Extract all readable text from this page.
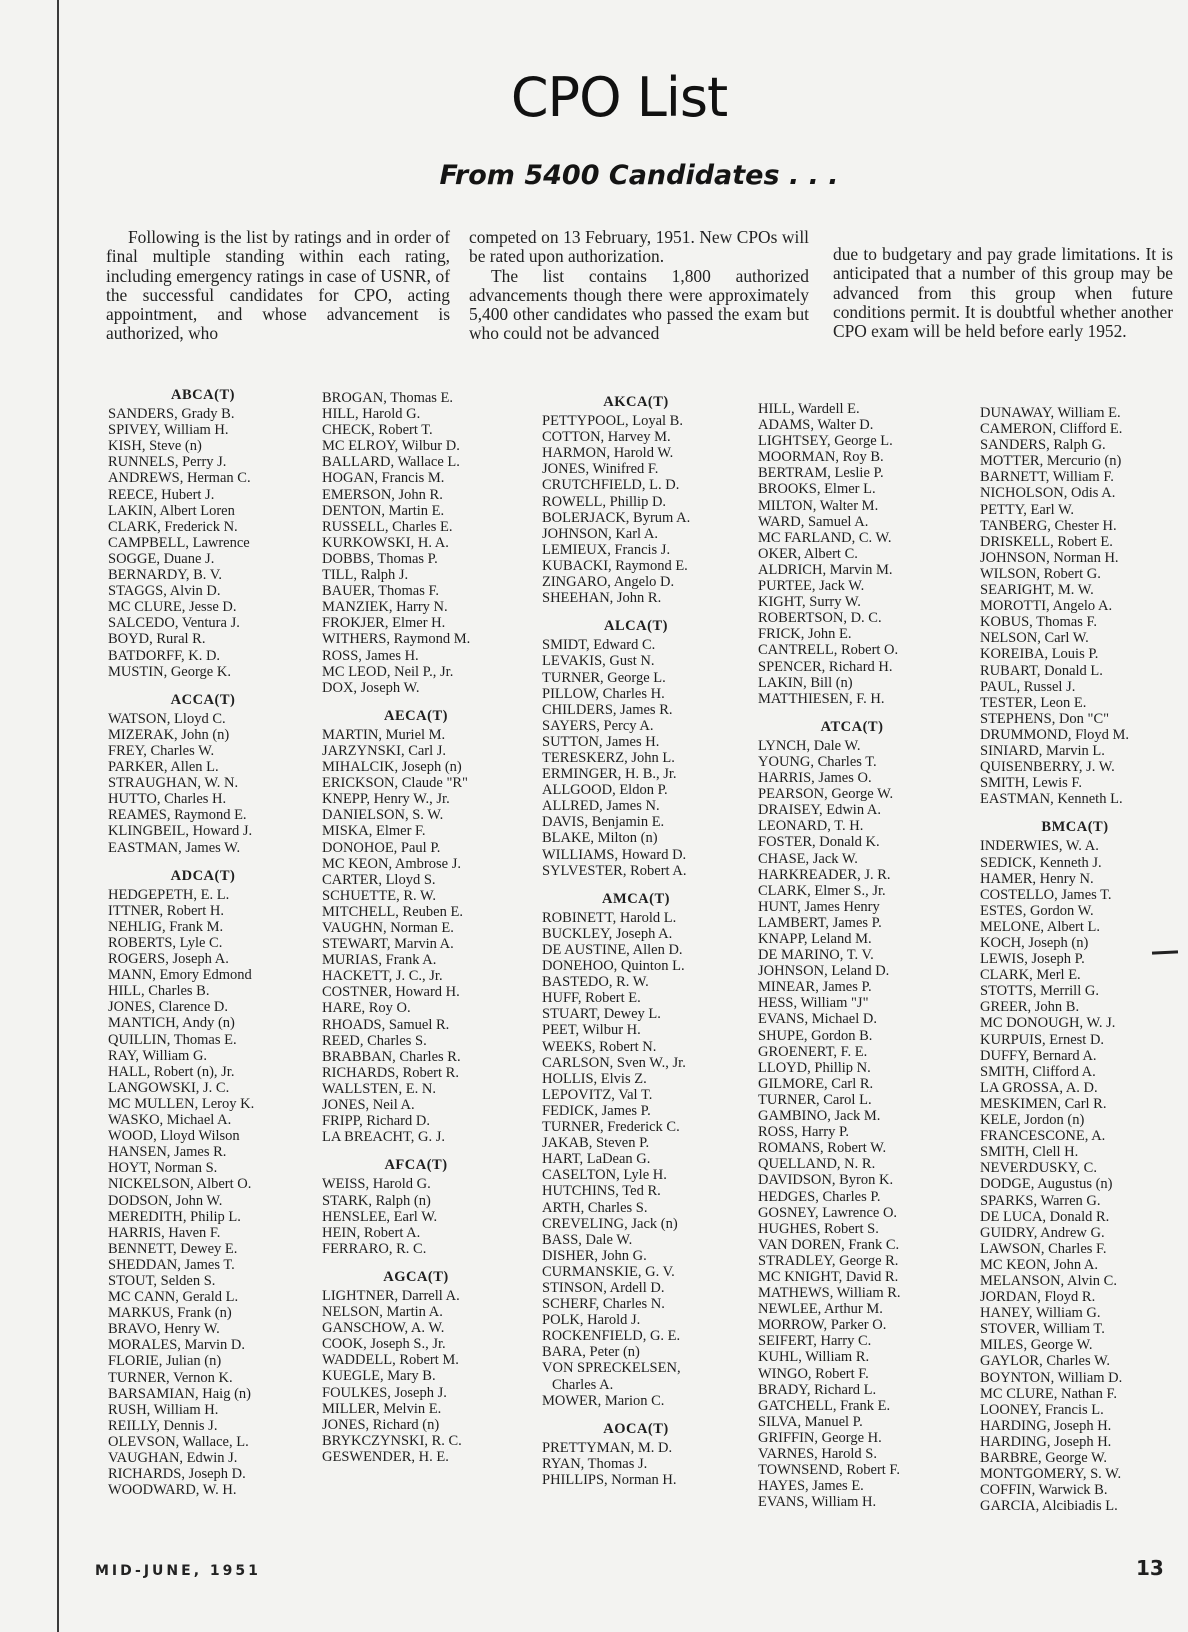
CPO List
From 5400 Candidates . . .

Following is the list by ratings and in order of final multiple standing within each rating, including emergency ratings in case of USNR, of the successful candidates for CPO, acting appointment, and whose advancement is authorized, who

competed on 13 February, 1951. New CPOs will be rated upon authorization.

The list contains 1,800 authorized advancements though there were approximately 5,400 other candidates who passed the exam but who could not be advanced

due to budgetary and pay grade limitations. It is anticipated that a number of this group may be advanced from this group when future conditions permit. It is doubtful whether another CPO exam will be held before early 1952.

ABCA(T)
SANDERS, Grady B.
SPIVEY, William H.
KISH, Steve (n)
RUNNELS, Perry J.
ANDREWS, Herman C.
REECE, Hubert J.
LAKIN, Albert Loren
CLARK, Frederick N.
CAMPBELL, Lawrence
SOGGE, Duane J.
BERNARDY, B. V.
STAGGS, Alvin D.
MC CLURE, Jesse D.
SALCEDO, Ventura J.
BOYD, Rural R.
BATDORFF, K. D.
MUSTIN, George K.
ACCA(T)
WATSON, Lloyd C.
MIZERAK, John (n)
FREY, Charles W.
PARKER, Allen L.
STRAUGHAN, W. N.
HUTTO, Charles H.
REAMES, Raymond E.
KLINGBEIL, Howard J.
EASTMAN, James W.
ADCA(T)
HEDGEPETH, E. L.
ITTNER, Robert H.
NEHLIG, Frank M.
ROBERTS, Lyle C.
ROGERS, Joseph A.
MANN, Emory Edmond
HILL, Charles B.
JONES, Clarence D.
MANTICH, Andy (n)
QUILLIN, Thomas E.
RAY, William G.
HALL, Robert (n), Jr.
LANGOWSKI, J. C.
MC MULLEN, Leroy K.
WASKO, Michael A.
WOOD, Lloyd Wilson
HANSEN, James R.
HOYT, Norman S.
NICKELSON, Albert O.
DODSON, John W.
MEREDITH, Philip L.
HARRIS, Haven F.
BENNETT, Dewey E.
SHEDDAN, James T.
STOUT, Selden S.
MC CANN, Gerald L.
MARKUS, Frank (n)
BRAVO, Henry W.
MORALES, Marvin D.
FLORIE, Julian (n)
TURNER, Vernon K.
BARSAMIAN, Haig (n)
RUSH, William H.
REILLY, Dennis J.
OLEVSON, Wallace, L.
VAUGHAN, Edwin J.
RICHARDS, Joseph D.
WOODWARD, W. H.
BROGAN, Thomas E.
HILL, Harold G.
CHECK, Robert T.
MC ELROY, Wilbur D.
BALLARD, Wallace L.
HOGAN, Francis M.
EMERSON, John R.
DENTON, Martin E.
RUSSELL, Charles E.
KURKOWSKI, H. A.
DOBBS, Thomas P.
TILL, Ralph J.
BAUER, Thomas F.
MANZIEK, Harry N.
FROKJER, Elmer H.
WITHERS, Raymond M.
ROSS, James H.
MC LEOD, Neil P., Jr.
DOX, Joseph W.
AECA(T)
MARTIN, Muriel M.
JARZYNSKI, Carl J.
MIHALCIK, Joseph (n)
ERICKSON, Claude "R"
KNEPP, Henry W., Jr.
DANIELSON, S. W.
MISKA, Elmer F.
DONOHOE, Paul P.
MC KEON, Ambrose J.
CARTER, Lloyd S.
SCHUETTE, R. W.
MITCHELL, Reuben E.
VAUGHN, Norman E.
STEWART, Marvin A.
MURIAS, Frank A.
HACKETT, J. C., Jr.
COSTNER, Howard H.
HARE, Roy O.
RHOADS, Samuel R.
REED, Charles S.
BRABBAN, Charles R.
RICHARDS, Robert R.
WALLSTEN, E. N.
JONES, Neil A.
FRIPP, Richard D.
LA BREACHT, G. J.
AFCA(T)
WEISS, Harold G.
STARK, Ralph (n)
HENSLEE, Earl W.
HEIN, Robert A.
FERRARO, R. C.
AGCA(T)
LIGHTNER, Darrell A.
NELSON, Martin A.
GANSCHOW, A. W.
COOK, Joseph S., Jr.
WADDELL, Robert M.
KUEGLE, Mary B.
FOULKES, Joseph J.
MILLER, Melvin E.
JONES, Richard (n)
BRYKCZYNSKI, R. C.
GESWENDER, H. E.
AKCA(T)
PETTYPOOL, Loyal B.
COTTON, Harvey M.
HARMON, Harold W.
JONES, Winifred F.
CRUTCHFIELD, L. D.
ROWELL, Phillip D.
BOLERJACK, Byrum A.
JOHNSON, Karl A.
LEMIEUX, Francis J.
KUBACKI, Raymond E.
ZINGARO, Angelo D.
SHEEHAN, John R.
ALCA(T)
SMIDT, Edward C.
LEVAKIS, Gust N.
TURNER, George L.
PILLOW, Charles H.
CHILDERS, James R.
SAYERS, Percy A.
SUTTON, James H.
TERESKERZ, John L.
ERMINGER, H. B., Jr.
ALLGOOD, Eldon P.
ALLRED, James N.
DAVIS, Benjamin E.
BLAKE, Milton (n)
WILLIAMS, Howard D.
SYLVESTER, Robert A.
AMCA(T)
ROBINETT, Harold L.
BUCKLEY, Joseph A.
DE AUSTINE, Allen D.
DONEHOO, Quinton L.
BASTEDO, R. W.
HUFF, Robert E.
STUART, Dewey L.
PEET, Wilbur H.
WEEKS, Robert N.
CARLSON, Sven W., Jr.
HOLLIS, Elvis Z.
LEPOVITZ, Val T.
FEDICK, James P.
TURNER, Frederick C.
JAKAB, Steven P.
HART, LaDean G.
CASELTON, Lyle H.
HUTCHINS, Ted R.
ARTH, Charles S.
CREVELING, Jack (n)
BASS, Dale W.
DISHER, John G.
CURMANSKIE, G. V.
STINSON, Ardell D.
SCHERF, Charles N.
POLK, Harold J.
ROCKENFIELD, G. E.
BARA, Peter (n)
VON SPRECKELSEN,
Charles A.
MOWER, Marion C.
AOCA(T)
PRETTYMAN, M. D.
RYAN, Thomas J.
PHILLIPS, Norman H.
HILL, Wardell E.
ADAMS, Walter D.
LIGHTSEY, George L.
MOORMAN, Roy B.
BERTRAM, Leslie P.
BROOKS, Elmer L.
MILTON, Walter M.
WARD, Samuel A.
MC FARLAND, C. W.
OKER, Albert C.
ALDRICH, Marvin M.
PURTEE, Jack W.
KIGHT, Surry W.
ROBERTSON, D. C.
FRICK, John E.
CANTRELL, Robert O.
SPENCER, Richard H.
LAKIN, Bill (n)
MATTHIESEN, F. H.
ATCA(T)
LYNCH, Dale W.
YOUNG, Charles T.
HARRIS, James O.
PEARSON, George W.
DRAISEY, Edwin A.
LEONARD, T. H.
FOSTER, Donald K.
CHASE, Jack W.
HARKREADER, J. R.
CLARK, Elmer S., Jr.
HUNT, James Henry
LAMBERT, James P.
KNAPP, Leland M.
DE MARINO, T. V.
JOHNSON, Leland D.
MINEAR, James P.
HESS, William "J"
EVANS, Michael D.
SHUPE, Gordon B.
GROENERT, F. E.
LLOYD, Phillip N.
GILMORE, Carl R.
TURNER, Carol L.
GAMBINO, Jack M.
ROSS, Harry P.
ROMANS, Robert W.
QUELLAND, N. R.
DAVIDSON, Byron K.
HEDGES, Charles P.
GOSNEY, Lawrence O.
HUGHES, Robert S.
VAN DOREN, Frank C.
STRADLEY, George R.
MC KNIGHT, David R.
MATHEWS, William R.
NEWLEE, Arthur M.
MORROW, Parker O.
SEIFERT, Harry C.
KUHL, William R.
WINGO, Robert F.
BRADY, Richard L.
GATCHELL, Frank E.
SILVA, Manuel P.
GRIFFIN, George H.
VARNES, Harold S.
TOWNSEND, Robert F.
HAYES, James E.
EVANS, William H.
DUNAWAY, William E.
CAMERON, Clifford E.
SANDERS, Ralph G.
MOTTER, Mercurio (n)
BARNETT, William F.
NICHOLSON, Odis A.
PETTY, Earl W.
TANBERG, Chester H.
DRISKELL, Robert E.
JOHNSON, Norman H.
WILSON, Robert G.
SEARIGHT, M. W.
MOROTTI, Angelo A.
KOBUS, Thomas F.
NELSON, Carl W.
KOREIBA, Louis P.
RUBART, Donald L.
PAUL, Russel J.
TESTER, Leon E.
STEPHENS, Don "C"
DRUMMOND, Floyd M.
SINIARD, Marvin L.
QUISENBERRY, J. W.
SMITH, Lewis F.
EASTMAN, Kenneth L.
BMCA(T)
INDERWIES, W. A.
SEDICK, Kenneth J.
HAMER, Henry N.
COSTELLO, James T.
ESTES, Gordon W.
MELONE, Albert L.
KOCH, Joseph (n)
LEWIS, Joseph P.
CLARK, Merl E.
STOTTS, Merrill G.
GREER, John B.
MC DONOUGH, W. J.
KURPUIS, Ernest D.
DUFFY, Bernard A.
SMITH, Clifford A.
LA GROSSA, A. D.
MESKIMEN, Carl R.
KELE, Jordon (n)
FRANCESCONE, A.
SMITH, Clell H.
NEVERDUSKY, C.
DODGE, Augustus (n)
SPARKS, Warren G.
DE LUCA, Donald R.
GUIDRY, Andrew G.
LAWSON, Charles F.
MC KEON, John A.
MELANSON, Alvin C.
JORDAN, Floyd R.
HANEY, William G.
STOVER, William T.
MILES, George W.
GAYLOR, Charles W.
BOYNTON, William D.
MC CLURE, Nathan F.
LOONEY, Francis L.
HARDING, Joseph H.
HARDING, Joseph H.
BARBRE, George W.
MONTGOMERY, S. W.
COFFIN, Warwick B.
GARCIA, Alcibiadis L.
MID-JUNE, 1951	13
